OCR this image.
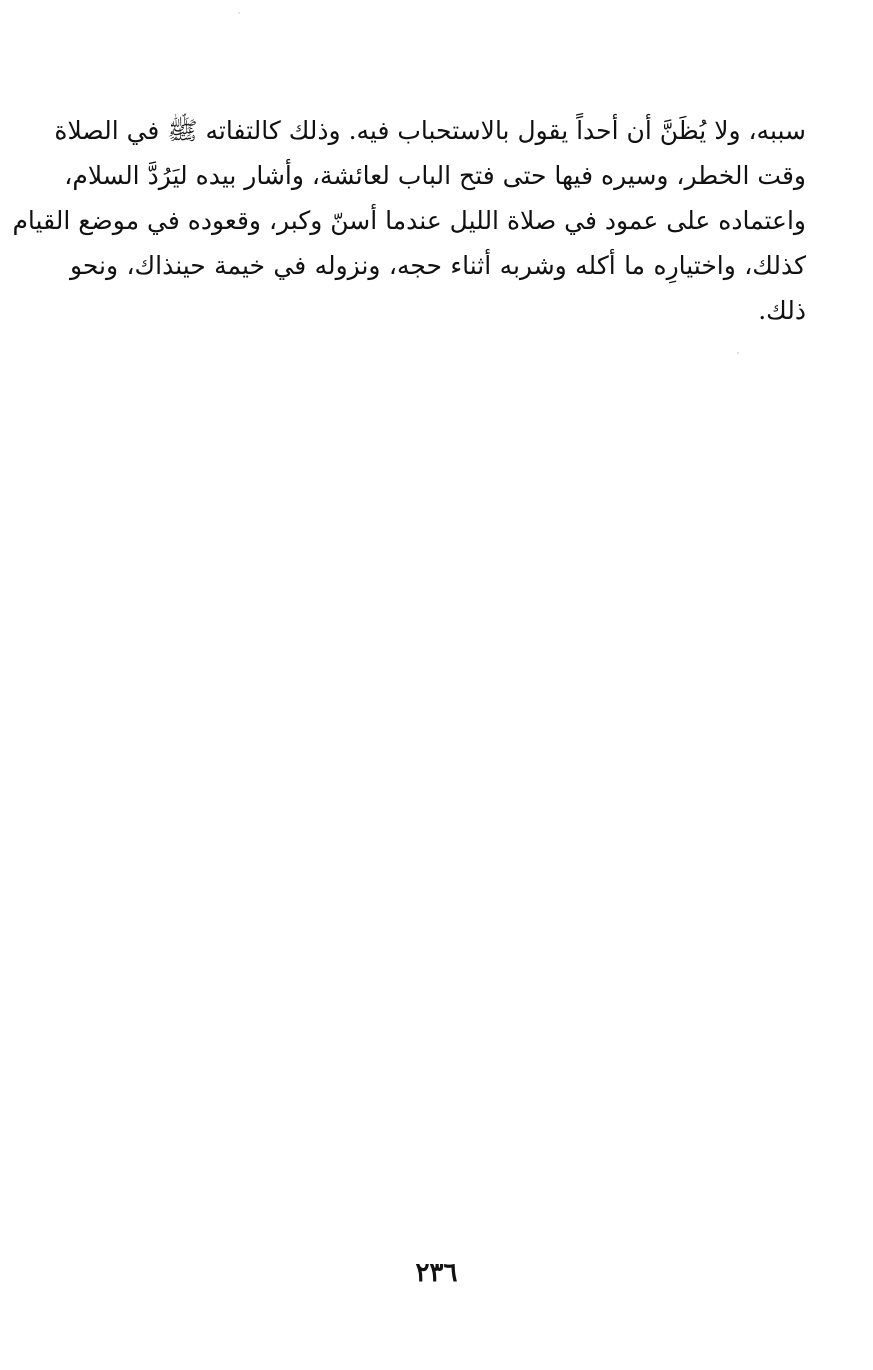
سببه، ولا يُظَنَّ أن أحداً يقول بالاستحباب فيه. وذلك كالتفاته ﷺ في الصلاة
وقت الخطر، وسيره فيها حتى فتح الباب لعائشة، وأشار بيده ليَرُدَّ السلام،
واعتماده على عمود في صلاة الليل عندما أسنّ وكبر، وقعوده في موضع القيام
كذلك، واختيارِه ما أكله وشربه أثناء حجه، ونزوله في خيمة حينذاك، ونحو
ذلك.
٢٣٦
